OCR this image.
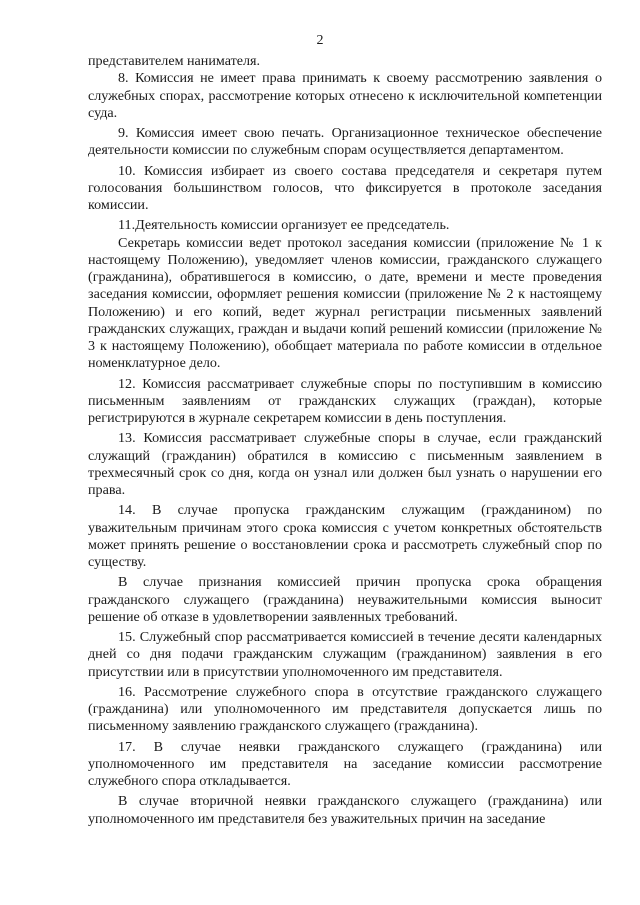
2

представителем нанимателя.

8. Комиссия не имеет права принимать к своему рассмотрению заявления о служебных спорах, рассмотрение которых отнесено к исключительной компетенции суда.

9. Комиссия имеет свою печать. Организационное техническое обеспечение деятельности комиссии по служебным спорам осуществляется департаментом.

10. Комиссия избирает из своего состава председателя и секретаря путем голосования большинством голосов, что фиксируется в протоколе заседания комиссии.

11.Деятельность комиссии организует ее председатель.

Секретарь комиссии ведет протокол заседания комиссии (приложение № 1 к настоящему Положению), уведомляет членов комиссии, гражданского служащего (гражданина), обратившегося в комиссию, о дате, времени и месте проведения заседания комиссии, оформляет решения комиссии (приложение № 2 к настоящему Положению) и его копий, ведет журнал регистрации письменных заявлений гражданских служащих, граждан и выдачи копий решений комиссии (приложение № 3 к настоящему Положению), обобщает материала по работе комиссии в отдельное номенклатурное дело.

12. Комиссия рассматривает служебные споры по поступившим в комиссию письменным заявлениям от гражданских служащих (граждан), которые регистрируются в журнале секретарем комиссии в день поступления.

13. Комиссия рассматривает служебные споры в случае, если гражданский служащий (гражданин) обратился в комиссию с письменным заявлением в трехмесячный срок со дня, когда он узнал или должен был узнать о нарушении его права.

14. В случае пропуска гражданским служащим (гражданином) по уважительным причинам этого срока комиссия с учетом конкретных обстоятельств может принять решение о восстановлении срока и рассмотреть служебный спор по существу.

В случае признания комиссией причин пропуска срока обращения гражданского служащего (гражданина) неуважительными комиссия выносит решение об отказе в удовлетворении заявленных требований.

15. Служебный спор рассматривается комиссией в течение десяти календарных дней со дня подачи гражданским служащим (гражданином) заявления в его присутствии или в присутствии уполномоченного им представителя.

16. Рассмотрение служебного спора в отсутствие гражданского служащего (гражданина) или уполномоченного им представителя допускается лишь по письменному заявлению гражданского служащего (гражданина).

17. В случае неявки гражданского служащего (гражданина) или уполномоченного им представителя на заседание комиссии рассмотрение служебного спора откладывается.

В случае вторичной неявки гражданского служащего (гражданина) или уполномоченного им представителя без уважительных причин на заседание
